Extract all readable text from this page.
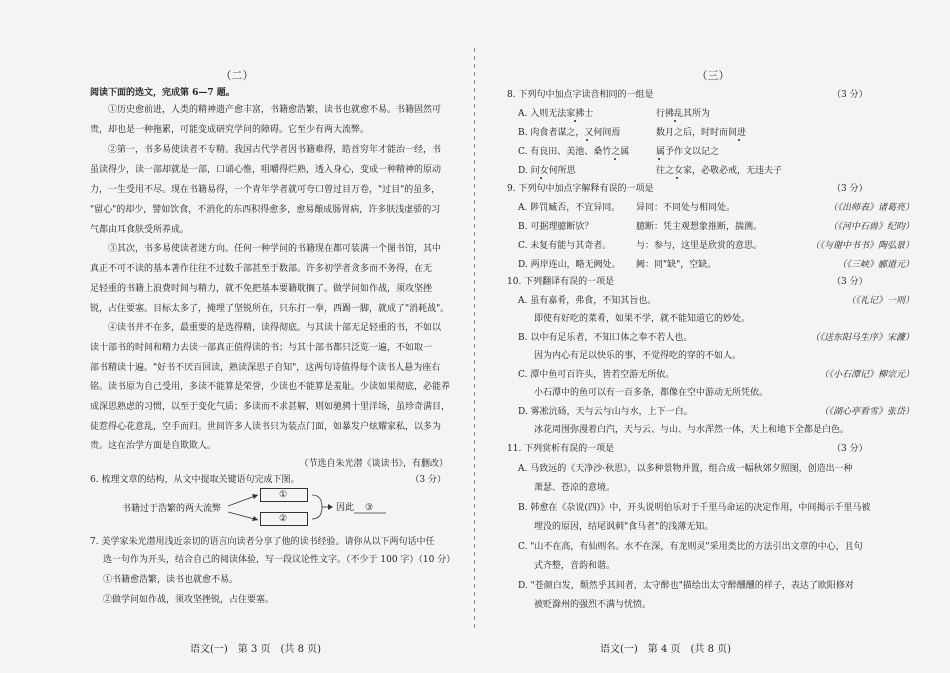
（二）
阅读下面的选文，完成第 6—7 题。
①历史愈前进，人类的精神遗产愈丰富，书籍愈浩繁，读书也就愈不易。书籍固然可
贵，却也是一种拖累，可能变成研究学问的障碍。它至少有两大流弊。
②第一，书多易使读者不专精。我国古代学者因书籍难得，皓首穷年才能治一经，书
虽读得少，读一部却就是一部，口诵心惟，咀嚼得烂熟，透入身心，变成一种精神的原动
力，一生受用不尽。现在书籍易得，一个青年学者就可夸口曾过目万卷，"过目"的虽多，
"留心"的却少，譬如饮食，不消化的东西积得愈多，愈易酿成肠胃病，许多肤浅虚骄的习
气都由耳食肤受所养成。
③其次，书多易使读者迷方向。任何一种学问的书籍现在都可装满一个图书馆，其中
真正不可不读的基本著作往往不过数千部甚至于数部。许多初学者贪多而不务得，在无
足轻重的书籍上浪费时间与精力，就不免把基本要籍耽搁了。做学问如作战，须攻坚挫
锐，占住要塞。目标太多了，掩埋了坚锐所在，只东打一拳，西踢一脚，就成了"消耗战"。
④读书并不在多，最重要的是选得精，读得彻底。与其读十部无足轻重的书，不如以
读十部书的时间和精力去读一部真正值得读的书；与其十部书都只泛览一遍，不如取一
部书精读十遍。"好书不厌百回读，熟读深思子自知"，这两句诗值得每个读书人悬为座右
铭。读书原为自己受用，多读不能算是荣誉，少读也不能算是羞耻。少读如果彻底，必能养
成深思熟虑的习惯，以至于变化气质；多读而不求甚解，则如驰骋十里洋场，虽珍奇满目，
徒惹得心花意乱，空手而归。世间许多人读书只为装点门面，如暴发户炫耀家私，以多为
贵。这在治学方面是自欺欺人。
（节选自朱光潜《谈读书》，有删改）
6. 梳理文章的结构，从文中提取关键语句完成下图。	（3 分）
书籍过于浩繁的两大流弊
①
②
因此 ③
7. 美学家朱光潜用浅近亲切的语言向读者分享了他的读书经验。请你从以下两句话中任
选一句作为开头，结合自己的阅读体验，写一段议论性文字。（不少于 100 字）（10 分）
①书籍愈浩繁，读书也就愈不易。
②做学问如作战，须攻坚挫锐，占住要塞。
语文(一)　第 3 页　(共 8 页)
（三）
8. 下列句中加点字读音相同的一组是	（3 分）
A. 入则无法家拂士	行拂乱其所为
B. 肉食者谋之，又何间焉	数月之后，时时而间进
C. 有良田、美池、桑竹之属	属予作文以记之
D. 问女何所思	往之女家，必敬必戒，无违夫子
9. 下列句中加点字解释有误的一项是	（3 分）
A. 陟罚臧否，不宜异同。 异同：不同处与相同处。	（《出师表》诸葛亮）
B. 可据理臆断欤？	臆断：凭主观想象推断，揣测。	（《河中石兽》纪昀）
C. 未复有能与其奇者。	与：参与，这里是欣赏的意思。	（《与谢中书书》陶弘景）
D. 两岸连山，略无阙处。 阙：同"缺"，空缺。	（《三峡》郦道元）
10. 下列翻译有误的一项是	（3 分）
A. 虽有嘉肴，弗食，不知其旨也。	（《礼记》一则）
即使有好吃的菜肴，如果不学，就不能知道它的妙处。
B. 以中有足乐者，不知口体之奉不若人也。	（《送东阳马生序》宋濂）
因为内心有足以快乐的事，不觉得吃的穿的不如人。
C. 潭中鱼可百许头，皆若空游无所依。	（《小石潭记》柳宗元）
小石潭中的鱼可以有一百多条，都像在空中游动无所凭依。
D. 雾凇沆砀，天与云与山与水，上下一白。	（《湖心亭看雪》张岱）
冰花周围弥漫着白汽，天与云、与山、与水浑然一体，天上和地下全都是白色。
11. 下列赏析有误的一项是	（3 分）
A. 马致远的《天净沙·秋思》，以多种景物并置，组合成一幅秋郊夕照图，创造出一种
萧瑟、苍凉的意境。
B. 韩愈在《杂说(四)》中，开头说明伯乐对于千里马命运的决定作用，中间揭示千里马被
埋没的原因，结尾讽刺"食马者"的浅薄无知。
C. "山不在高，有仙则名。水不在深，有龙则灵"采用类比的方法引出文章的中心，且句
式齐整，音韵和谐。
D. "苍颜白发，颓然乎其间者，太守醉也"描绘出太守醉醺醺的样子，表达了欧阳修对
被贬滁州的强烈不满与忧愤。
语文(一)　第 4 页　(共 8 页)
